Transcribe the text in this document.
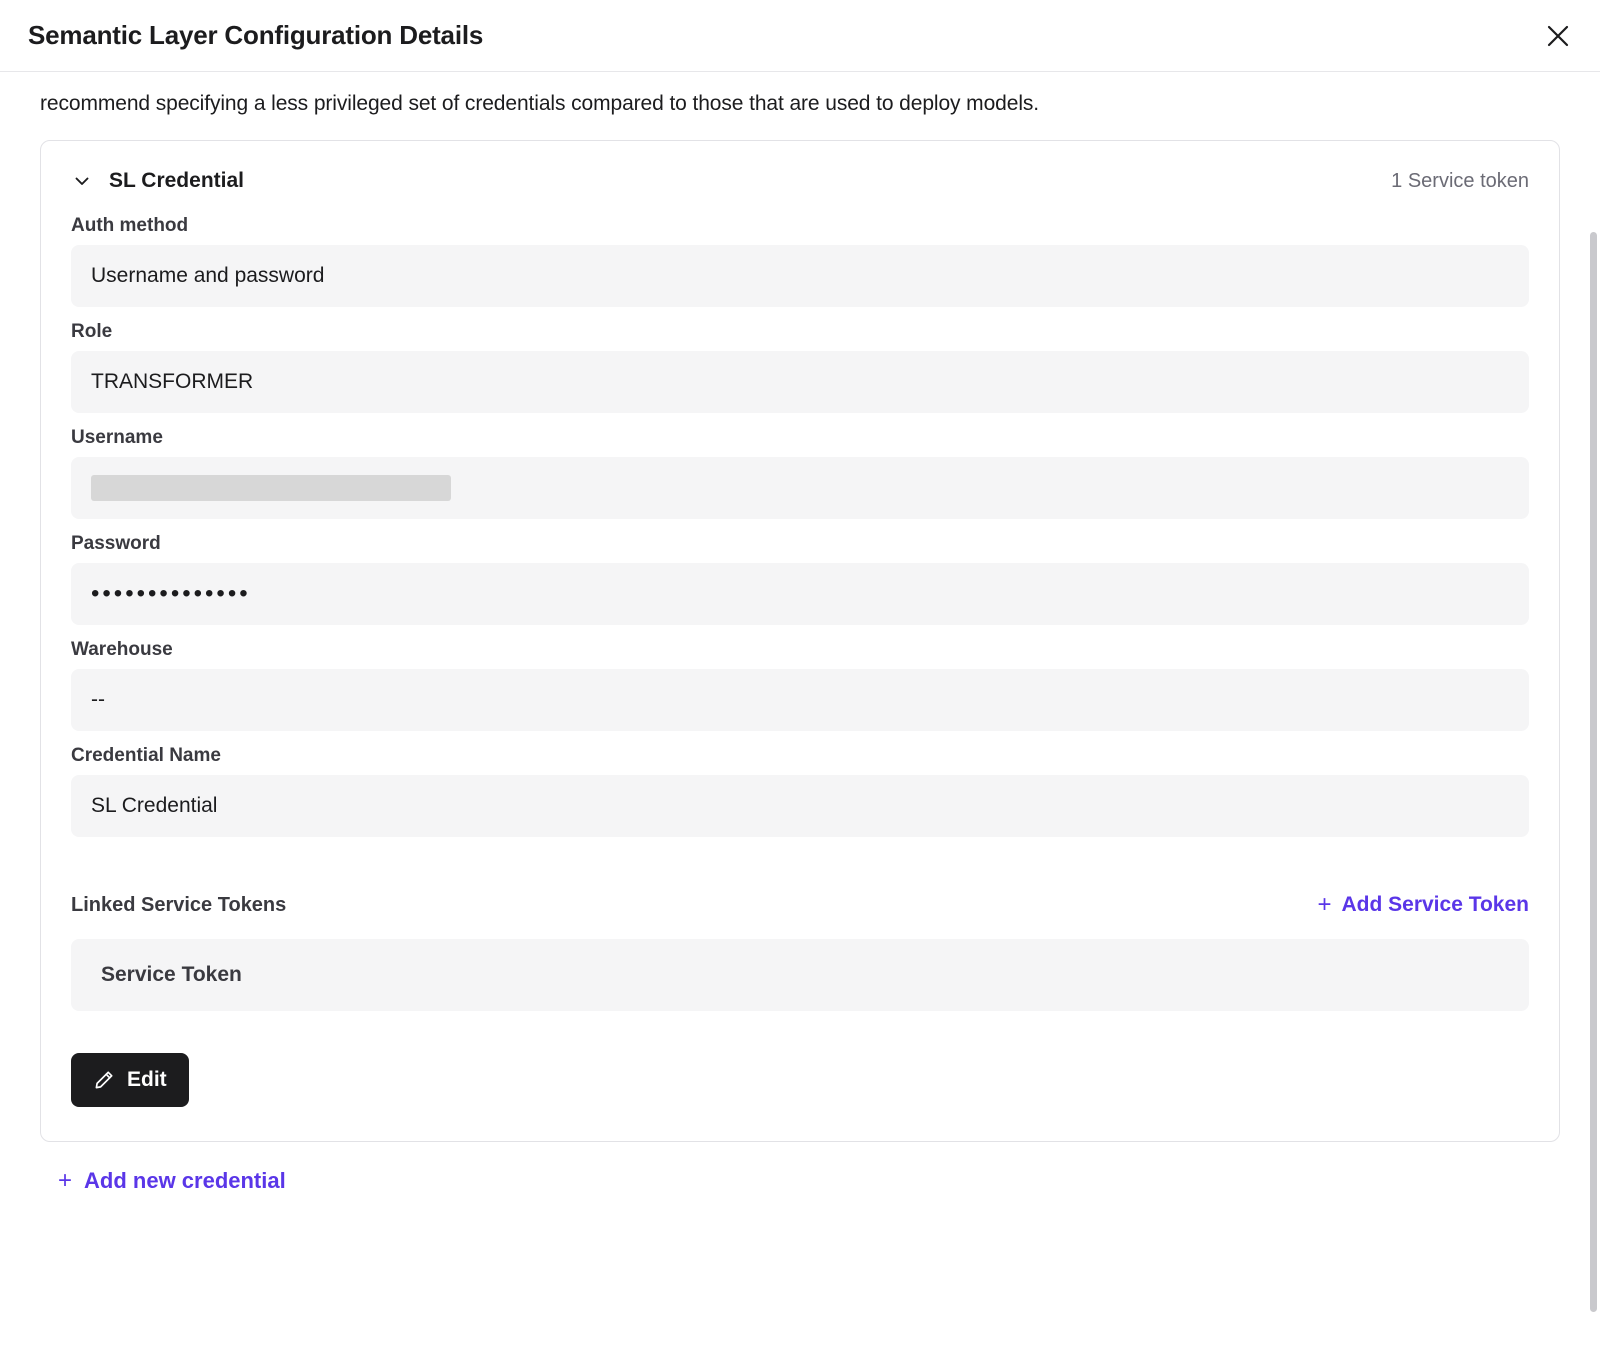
Semantic Layer Configuration Details
recommend specifying a less privileged set of credentials compared to those that are used to deploy models.
SL Credential	1 Service token
Auth method
Username and password
Role
TRANSFORMER
Username
Password
••••••••••••••
Warehouse
--
Credential Name
SL Credential
Linked Service Tokens	+ Add Service Token
Service Token
Edit
+ Add new credential
